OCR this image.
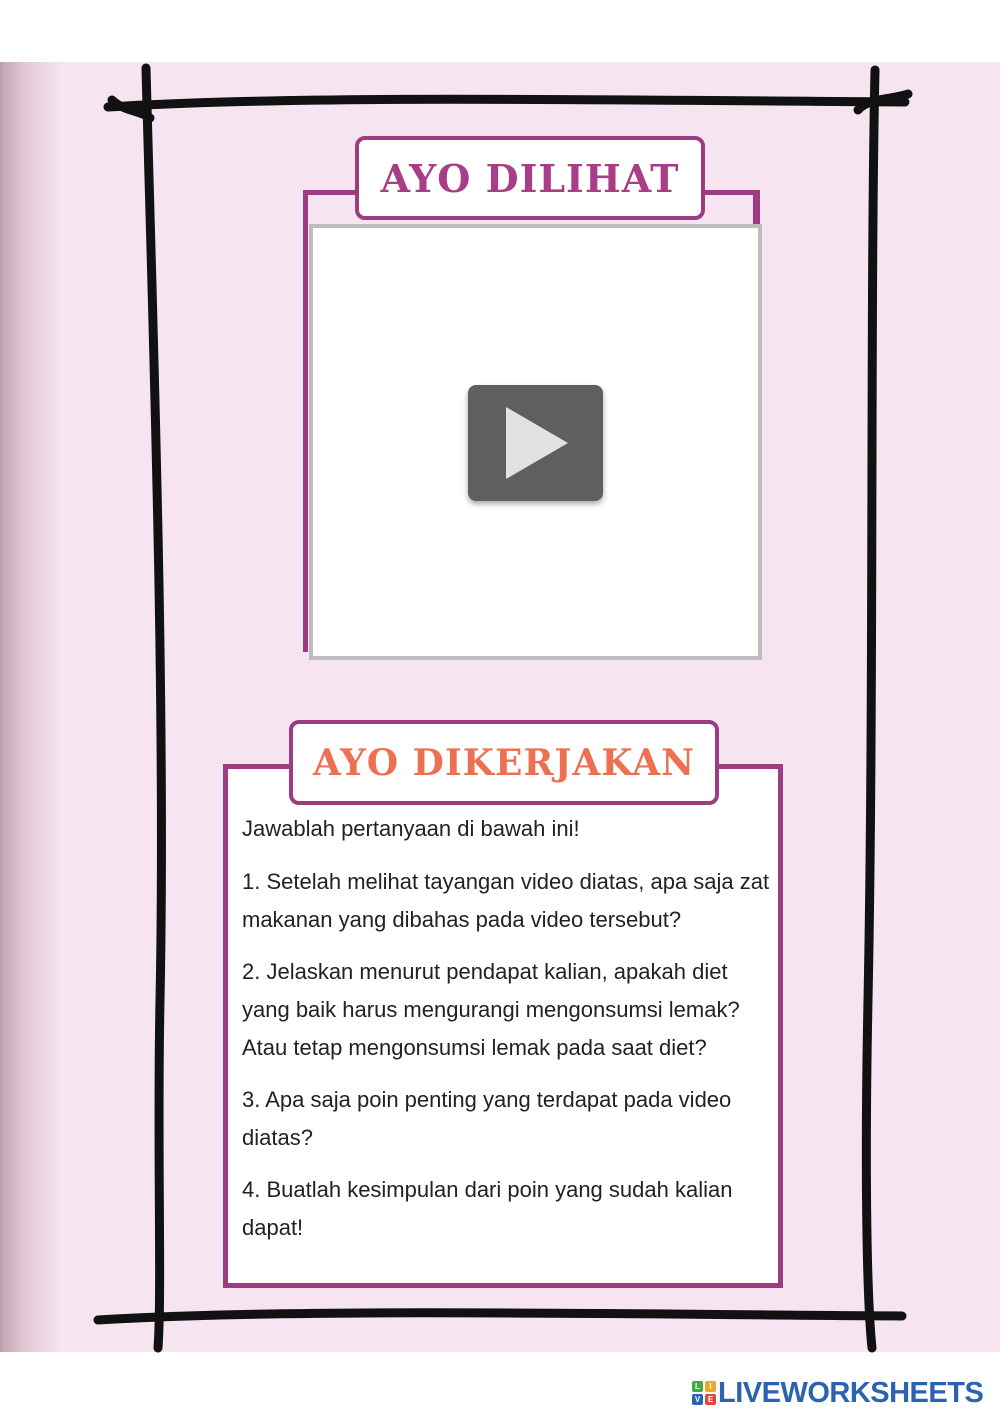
AYO DILIHAT
AYO DIKERJAKAN

Jawablah pertanyaan di bawah ini!

1. Setelah melihat tayangan video diatas, apa saja zat makanan yang dibahas pada video tersebut?

2. Jelaskan menurut pendapat kalian, apakah diet yang baik harus mengurangi mengonsumsi lemak? Atau tetap mengonsumsi lemak pada saat diet?

3. Apa saja poin penting yang terdapat pada video diatas?

4. Buatlah kesimpulan dari poin yang sudah kalian dapat!

L	I
V E LIVEWORKSHEETS
